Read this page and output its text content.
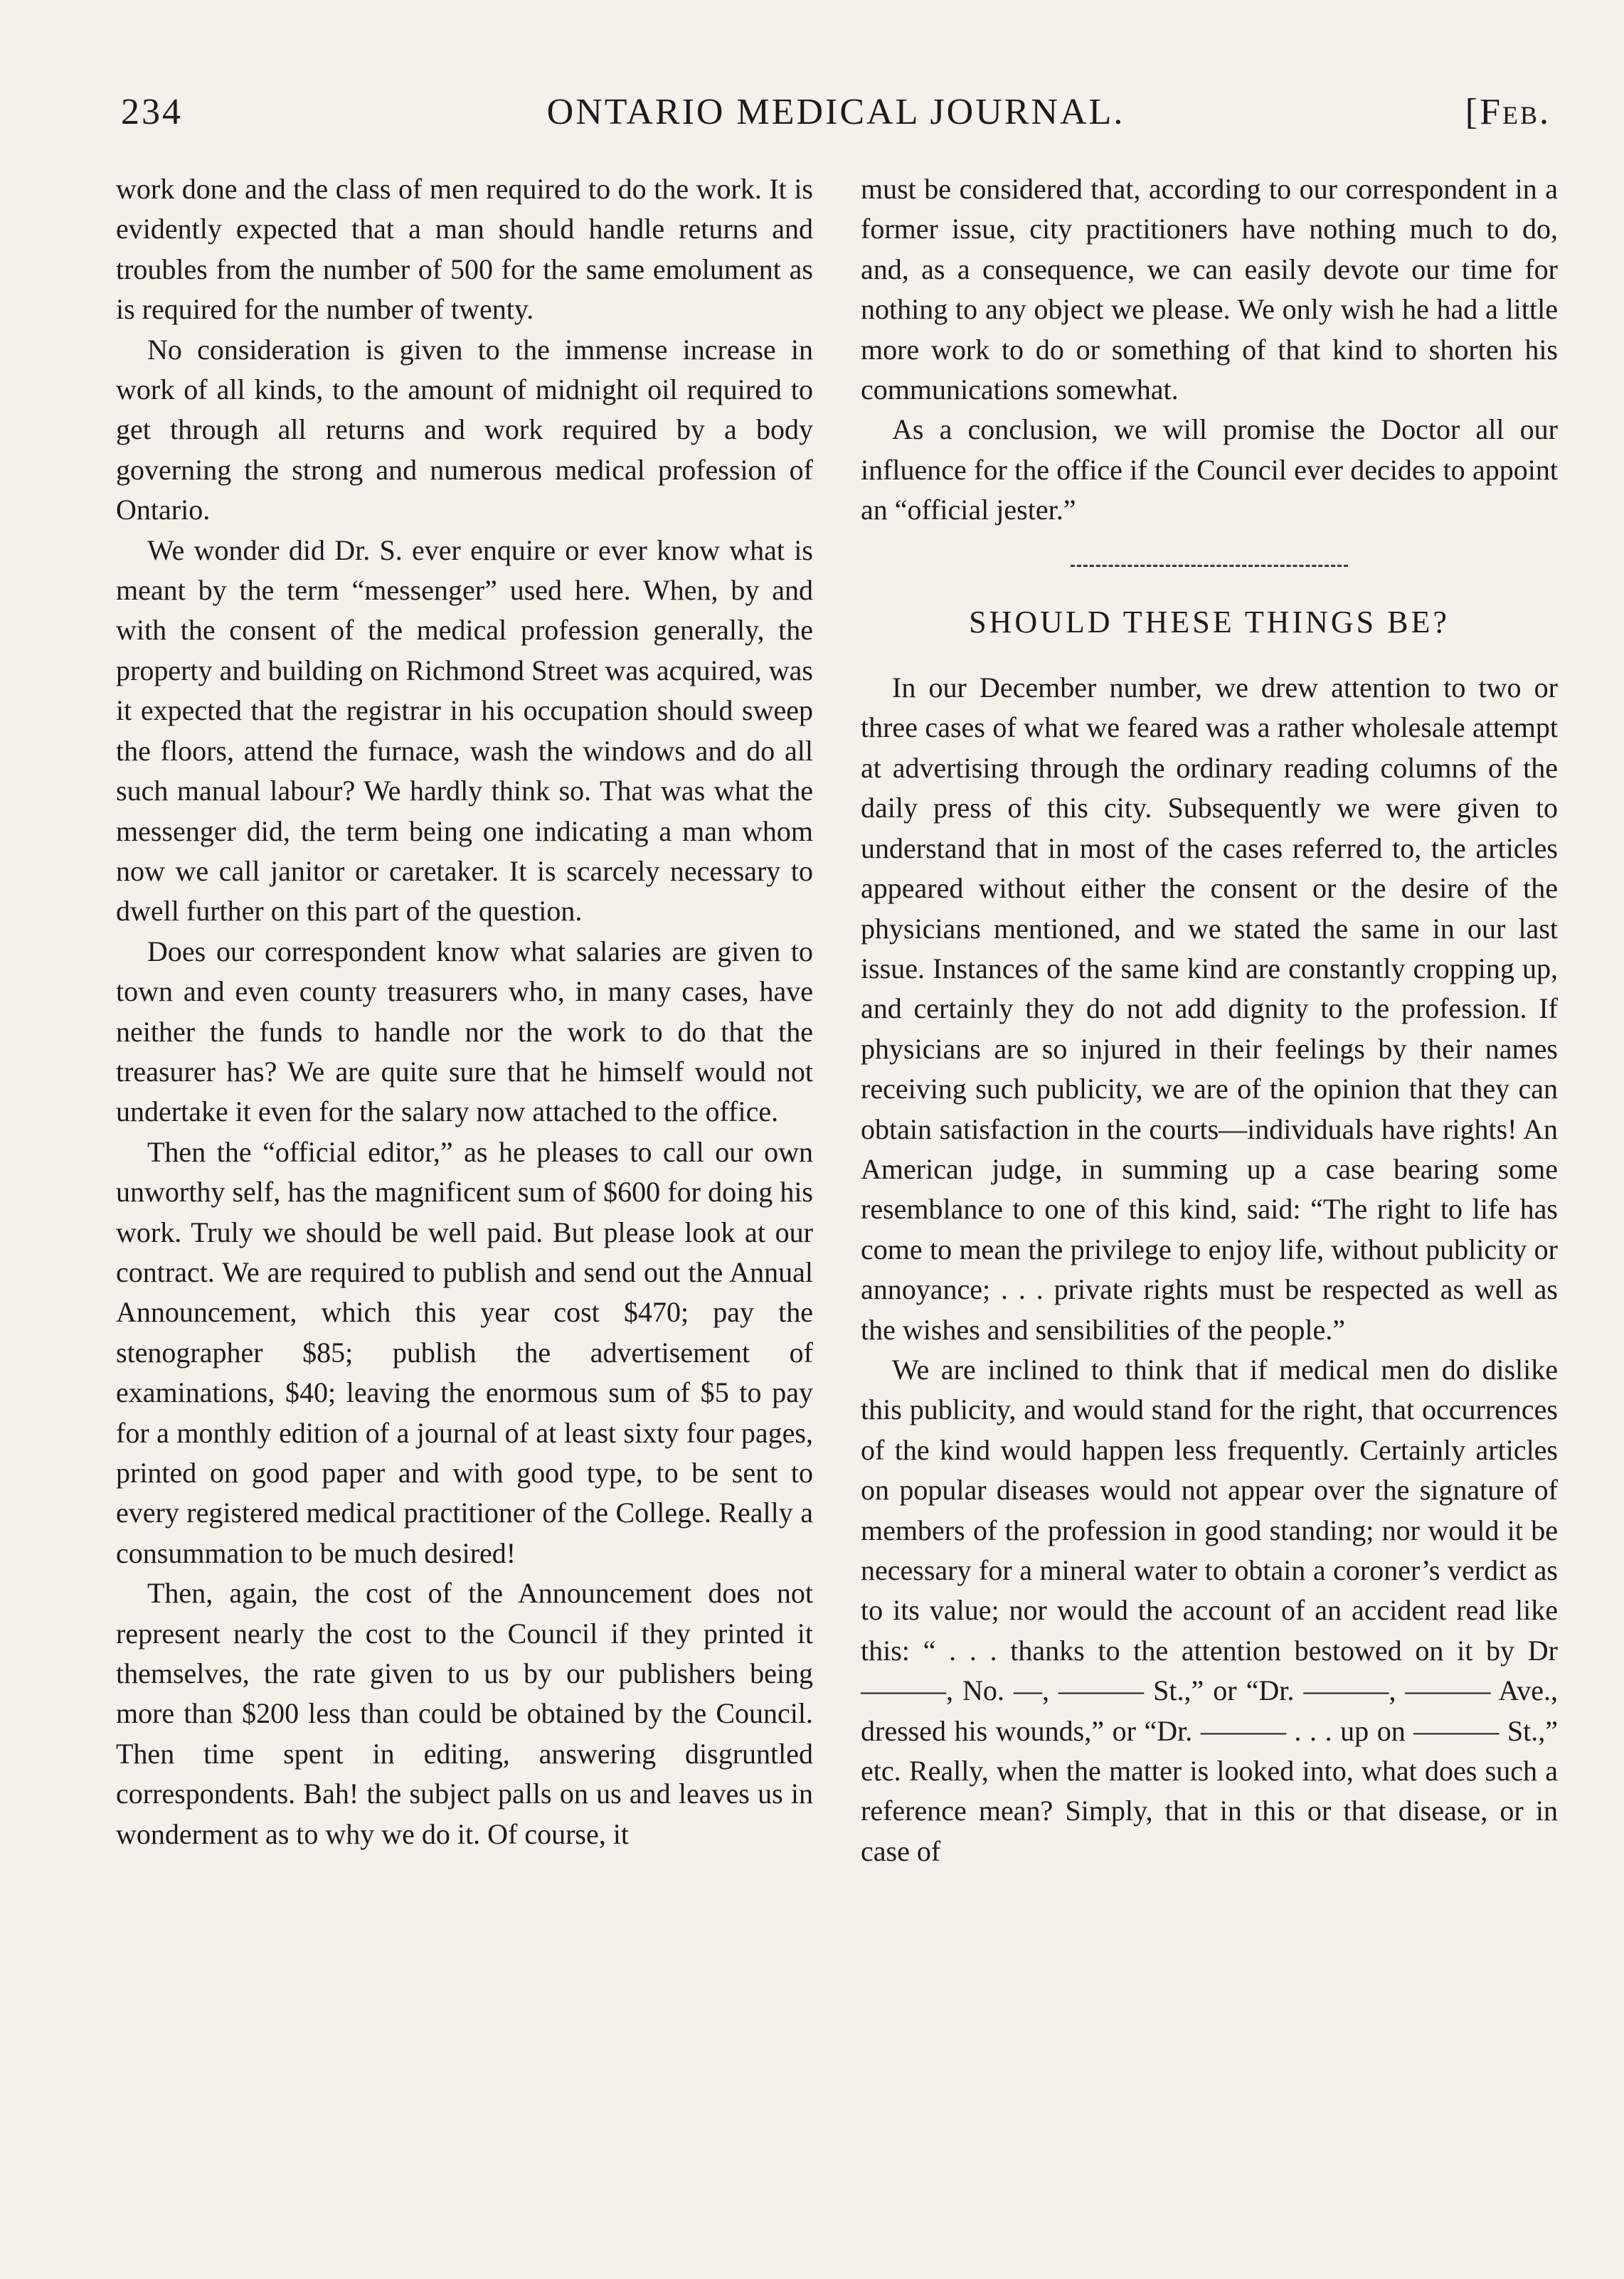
234	ONTARIO MEDICAL JOURNAL.	[Feb.

work done and the class of men required to do the work. It is evidently expected that a man should handle returns and troubles from the number of 500 for the same emolument as is required for the number of twenty.

No consideration is given to the immense increase in work of all kinds, to the amount of midnight oil required to get through all returns and work required by a body governing the strong and numerous medical profession of Ontario.

We wonder did Dr. S. ever enquire or ever know what is meant by the term “messenger” used here. When, by and with the consent of the medical profession generally, the property and building on Richmond Street was acquired, was it expected that the registrar in his occupation should sweep the floors, attend the furnace, wash the windows and do all such manual labour? We hardly think so. That was what the messenger did, the term being one indicating a man whom now we call janitor or caretaker. It is scarcely necessary to dwell further on this part of the question.

Does our correspondent know what salaries are given to town and even county treasurers who, in many cases, have neither the funds to handle nor the work to do that the treasurer has? We are quite sure that he himself would not undertake it even for the salary now attached to the office.

Then the “official editor,” as he pleases to call our own unworthy self, has the magnificent sum of $600 for doing his work. Truly we should be well paid. But please look at our contract. We are required to publish and send out the Annual Announcement, which this year cost $470; pay the stenographer $85; publish the advertisement of examinations, $40; leaving the enormous sum of $5 to pay for a monthly edition of a journal of at least sixty four pages, printed on good paper and with good type, to be sent to every registered medical practitioner of the College. Really a consummation to be much desired!

Then, again, the cost of the Announcement does not represent nearly the cost to the Council if they printed it themselves, the rate given to us by our publishers being more than $200 less than could be obtained by the Council. Then time spent in editing, answering disgruntled correspondents. Bah! the subject palls on us and leaves us in wonderment as to why we do it. Of course, it

must be considered that, according to our correspondent in a former issue, city practitioners have nothing much to do, and, as a consequence, we can easily devote our time for nothing to any object we please. We only wish he had a little more work to do or something of that kind to shorten his communications somewhat.

As a conclusion, we will promise the Doctor all our influence for the office if the Council ever decides to appoint an “official jester.”

SHOULD THESE THINGS BE?

In our December number, we drew attention to two or three cases of what we feared was a rather wholesale attempt at advertising through the ordinary reading columns of the daily press of this city. Subsequently we were given to understand that in most of the cases referred to, the articles appeared without either the consent or the desire of the physicians mentioned, and we stated the same in our last issue. Instances of the same kind are constantly cropping up, and certainly they do not add dignity to the profession. If physicians are so injured in their feelings by their names receiving such publicity, we are of the opinion that they can obtain satisfaction in the courts—individuals have rights! An American judge, in summing up a case bearing some resemblance to one of this kind, said: “The right to life has come to mean the privilege to enjoy life, without publicity or annoyance; . . . private rights must be respected as well as the wishes and sensibilities of the people.”

We are inclined to think that if medical men do dislike this publicity, and would stand for the right, that occurrences of the kind would happen less frequently. Certainly articles on popular diseases would not appear over the signature of members of the profession in good standing; nor would it be necessary for a mineral water to obtain a coroner’s verdict as to its value; nor would the account of an accident read like this: “ . . . thanks to the attention bestowed on it by Dr ———, No. —, ——— St.,” or “Dr. ———, ——— Ave., dressed his wounds,” or “Dr. ——— . . . up on ——— St.,” etc. Really, when the matter is looked into, what does such a reference mean? Simply, that in this or that disease, or in case of
